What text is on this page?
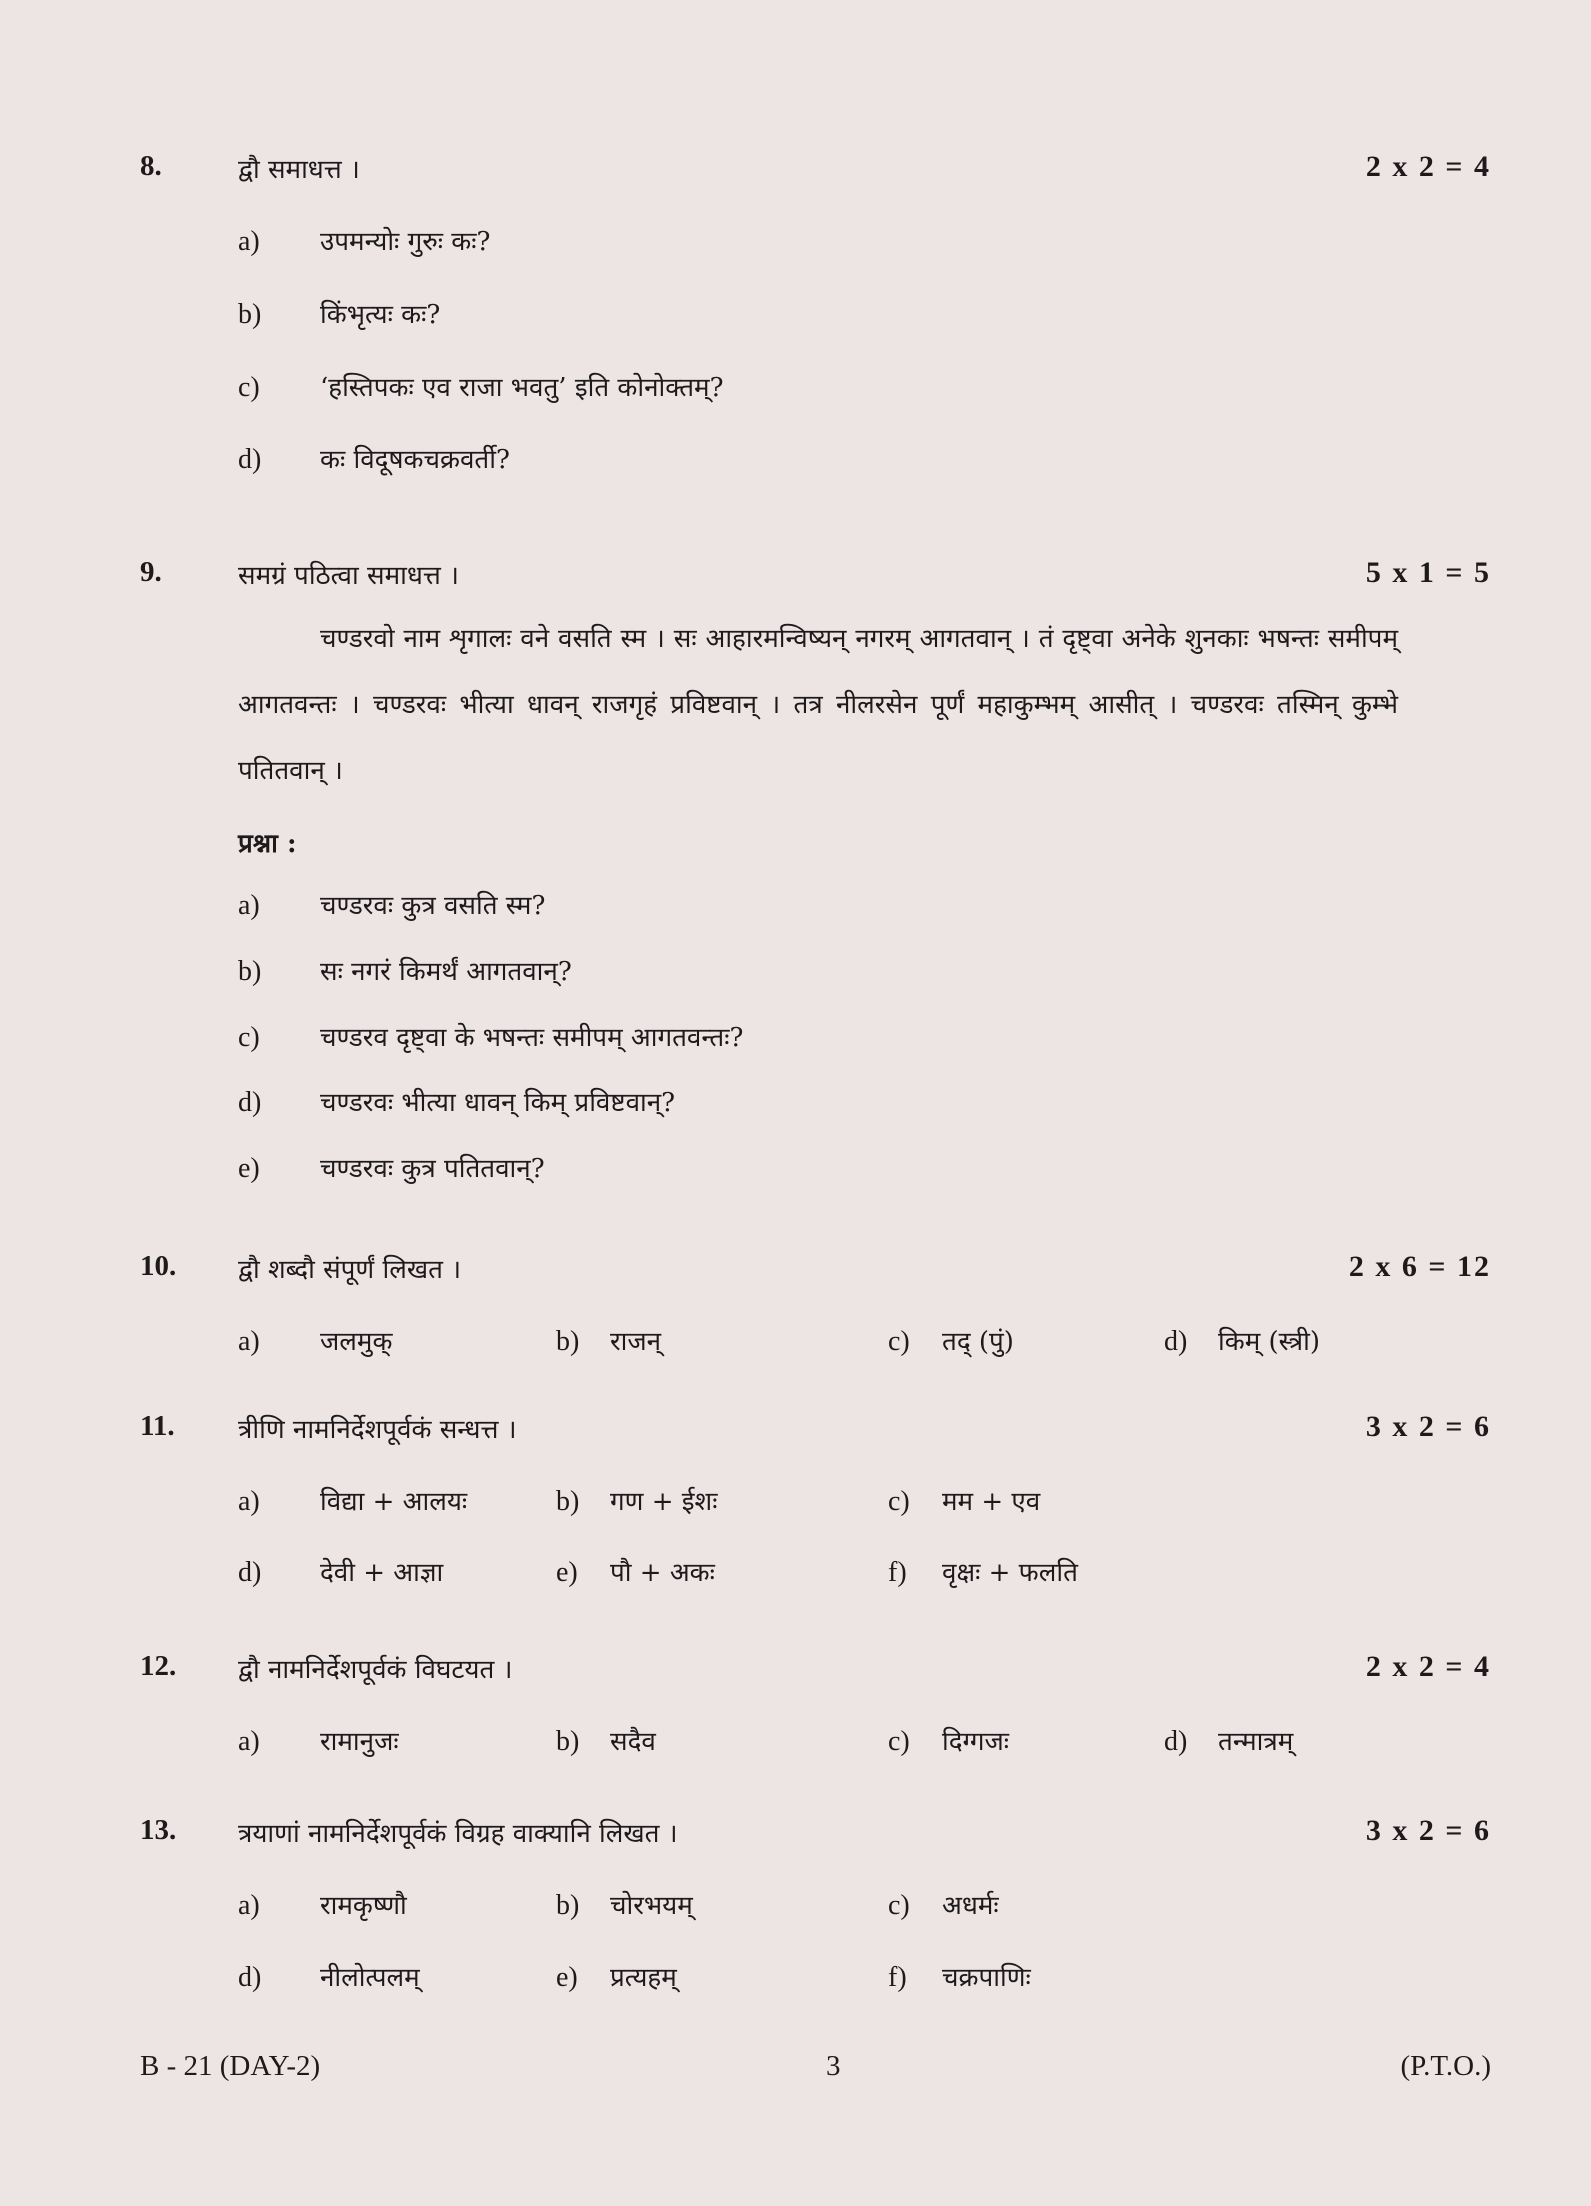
8.	द्वौ समाधत्त ।	2 x 2 = 4
a) उपमन्योः गुरुः कः?
b) किंभृत्यः कः?
c) ‘हस्तिपकः एव राजा भवतु’ इति कोनोक्तम्?
d) कः विदूषकचक्रवर्ती?
9.	समग्रं पठित्वा समाधत्त ।	5 x 1 = 5
चण्डरवो नाम शृगालः वने वसति स्म । सः आहारमन्विष्यन् नगरम् आगतवान् । तं दृष्ट्वा अनेके शुनकाः भषन्तः समीपम् आगतवन्तः । चण्डरवः भीत्या धावन् राजगृहं प्रविष्टवान् । तत्र नीलरसेन पूर्णं महाकुम्भम् आसीत् । चण्डरवः तस्मिन् कुम्भे पतितवान् ।
प्रश्ना :
a) चण्डरवः कुत्र वसति स्म?
b) सः नगरं किमर्थं आगतवान्?
c) चण्डरव दृष्ट्वा के भषन्तः समीपम् आगतवन्तः?
d) चण्डरवः भीत्या धावन् किम् प्रविष्टवान्?
e) चण्डरवः कुत्र पतितवान्?
10. द्वौ शब्दौ संपूर्णं लिखत ।	2 x 6 = 12
a) जलमुक्	b) राजन्	c) तद् (पुं)	d) किम् (स्त्री)
11. त्रीणि नामनिर्देशपूर्वकं सन्धत्त ।	3 x 2 = 6
a) विद्या + आलयः	b) गण + ईशः	c) मम + एव
d) देवी + आज्ञा	e) पौ + अकः	f) वृक्षः + फलति
12. द्वौ नामनिर्देशपूर्वकं विघटयत ।	2 x 2 = 4
a) रामानुजः	b) सदैव	c) दिग्गजः	d) तन्मात्रम्
13. त्रयाणां नामनिर्देशपूर्वकं विग्रह वाक्यानि लिखत ।	3 x 2 = 6
a) रामकृष्णौ	b) चोरभयम्	c) अधर्मः
d) नीलोत्पलम्	e) प्रत्यहम्	f) चक्रपाणिः
B - 21 (DAY-2)	3	(P.T.O.)
